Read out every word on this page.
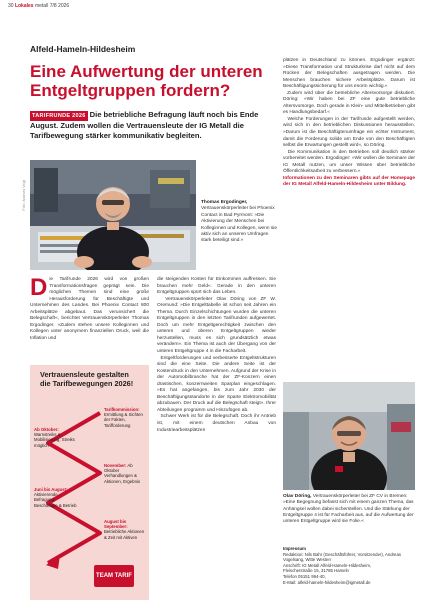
30 Lokales metall 7/8 2026
Alfeld-Hameln-Hildesheim
Eine Aufwertung der unteren Entgeltgruppen fordern?
TARIFRUNDE 2026 Die betriebliche Befragung läuft noch bis Ende August. Zudem wollen die Vertrauensleute der IG Metall die Tarifbewegung stärker kommunikativ begleiten.
Foto: Andreas Voigt	Thomas Ergodinger, Vertrauenskörperleiter bei Phoenix Contact in Bad Pyrmont: »Die Aktivierung der Menschen bei Kolleginnen und Kollegen, wenn sie aktiv sich an unseren Umfragen stark beteiligt sind.«
Die Tarifrunde 2026 wird von großen Transformationsfragen geprägt sein. Die möglichen Themen sind eine große Herausforderung für Beschäftigte und Unternehmen des Landes. Bei Phoenix Contact 800 Arbeitsplätze abgebaut. Das verunsichert die Belegschaft«, berichtet Vertrauenskörperleiter Thomas Ergodinger. »Zudem stehen unsere Kolleginnen und Kollegen unter anonymem finanziellen Druck, weil die Inflation und
Vertrauensleute gestalten die Tarifbewegungen 2026!
Tarifkommission: Ermittlung & Sichten der Fakten, Tarifforderung
Ab Oktober: Warnstreiks & Mobilisierung, Streiks möglich
November: Ab Oktober Verhandlungen & Aktionen, Ergebnis
Juni bis August: Aktivierende Befragung, Beschäftigte & Betrieb
August bis September: Betriebliche Aktionen & Zeit mit Aktiven
TEAM TARIF
die steigenden Kosten für Einkommen auffressen. Sie brauchen mehr Geld«. Gerade in den unteren Entgeltgruppen spürt sich das Leben.
Vertrauenskörperleiter Olav Döring von ZF W. Oremund: »Die Entgelttabelle ist schon seit Jahren ein Thema. Durch Einzelschichtungen wurden die unteren Entgeltgruppen in den letzten Tarifrunden aufgewertet. Doch um mehr Entgeltgerechtigkeit zwischen den unteren und oberen Entgeltgruppen wieder herzustellen, muss es sich grundsätzlich etwas verändern«. Ein Thema ist auch der Übergang von der unteren Entgeltgruppe 4 in die Facharbeit.
Entgeltforderungen und verbesserte Entgeltstrukturen sind die eine Seite. Die andere Seite ist der Kostendruck in den Unternehmen. Aufgrund der Krise in der Automobilbranche hat der ZF-Konzern einen drastischen, konzernweiten Sparplan eingeschlagen. »Es hat angefangen, bis zum Jahr 2030 der Beschäftigungsstandorte in der Sparte Elektromobilität abzubauen. Der Druck auf die Belegschaft steigt«. Ihrer Abteilungen programm und Hinzufügen ab.
Schwer Werk ist für die Belegschaft. Doch ihr Antrieb ist, mit einem deutschen Anbau von Industriearbeitsplätzen
plätzen in Deutschland zu können. Ergodinger ergänzt: »Diese Transformation und Strukturkrise darf nicht auf dem Rücken der Belegschaften ausgetragen werden. Die Menschen brauchen sichere Arbeitsplätze. Darum ist Beschäftigungssicherung für uns enorm wichtig.«
Zudem wird über die betriebliche Altersvorsorge diskutiert. Döring: »Wir haben bei ZF eine gute betriebliche Altersvorsorge. Doch gerade in Klein- und Mittelbetrieben gibt es Handlungsbedarf.«
Welche Forderungen in der Tarifrunde aufgestellt werden, wird sich in den betrieblichen Diskussionen herausstellen. »Darum ist die Beschäftigtenumfrage ein echter Instrument, damit die Forderung solide am Ende von den Beschäftigten selbst die Erwartungen gestellt wird«, so Döring.
Die Kommunikation in den Betrieben soll deutlich stärker vorbereitet werden. Ergodinger: »Wir wollen die Seminare der IG Metall nutzen, um unser Wissen über betriebliche Öffentlichkeitsarbeit zu verbessern.«
Informationen zu den Seminaren gibts auf der Homepage der IG Metall Alfeld-Hameln-Hildesheim unter Bildung.
Olav Döring, Vertrauenskörperleiter bei ZF CV in Bremen: »Eine Begegnung befasst sich mit einem ganzen Thema, das Anhängsel wollen dabei sicherstellen. Und die Stärkung der Entgeltgruppe 4 ist für Facharbeit aus, auf die Aufwertung der unteren Entgeltgruppe wird sie Folie.«
Impressum
Redaktion: Nils Bahr (Geschäftsführer, Vorsitzender), Andreas Vogelsang, Witte Westen
Anschrift: IG Metall Alfeld-Hameln-Hildesheim,
Fleischerstraße 15, 31785 Hameln
Telefon 05151 994-40,
E-Mail: alfeld-hameln-hildesheim@igmetall.de
